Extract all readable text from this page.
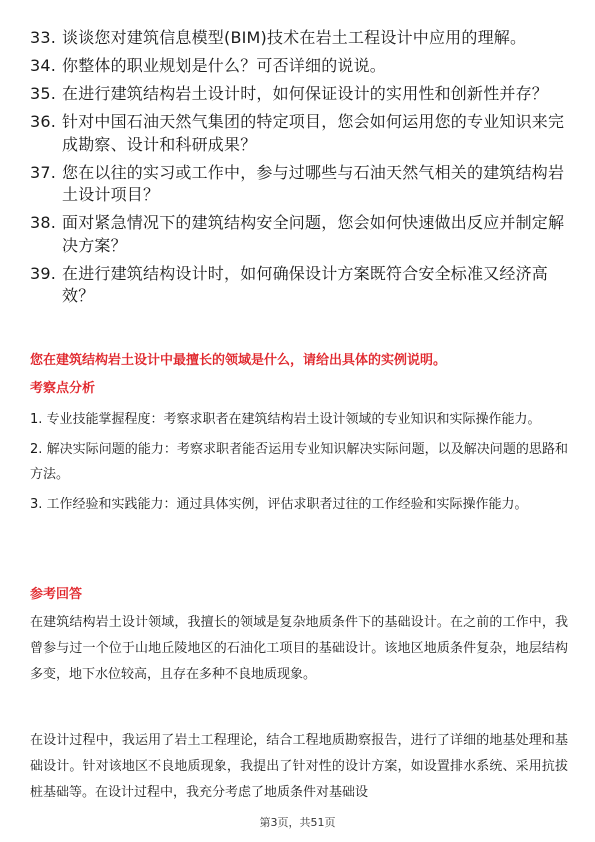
33. 谈谈您对建筑信息模型(BIM)技术在岩土工程设计中应用的理解。
34. 你整体的职业规划是什么？可否详细的说说。
35. 在进行建筑结构岩土设计时，如何保证设计的实用性和创新性并存？
36. 针对中国石油天然气集团的特定项目，您会如何运用您的专业知识来完成勘察、设计和科研成果？
37. 您在以往的实习或工作中，参与过哪些与石油天然气相关的建筑结构岩土设计项目？
38. 面对紧急情况下的建筑结构安全问题，您会如何快速做出反应并制定解决方案？
39. 在进行建筑结构设计时，如何确保设计方案既符合安全标准又经济高效？
您在建筑结构岩土设计中最擅长的领域是什么，请给出具体的实例说明。
考察点分析
1. 专业技能掌握程度：考察求职者在建筑结构岩土设计领域的专业知识和实际操作能力。
2. 解决实际问题的能力：考察求职者能否运用专业知识解决实际问题，以及解决问题的思路和方法。
3. 工作经验和实践能力：通过具体实例，评估求职者过往的工作经验和实际操作能力。
参考回答

在建筑结构岩土设计领域，我擅长的领域是复杂地质条件下的基础设计。在之前的工作中，我曾参与过一个位于山地丘陵地区的石油化工项目的基础设计。该地区地质条件复杂，地层结构多变，地下水位较高，且存在多种不良地质现象。

在设计过程中，我运用了岩土工程理论，结合工程地质勘察报告，进行了详细的地基处理和基础设计。针对该地区不良地质现象，我提出了针对性的设计方案，如设置排水系统、采用抗拔桩基础等。在设计过程中，我充分考虑了地质条件对基础设

第3页，共51页
